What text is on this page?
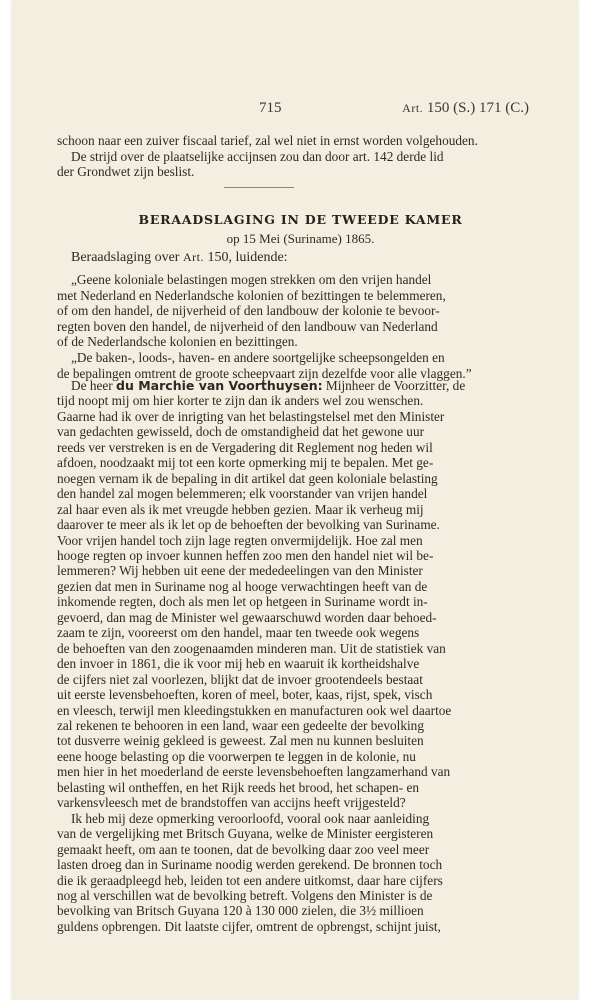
715	Art. 150 (S.) 171 (C.)
schoon naar een zuiver fiscaal tarief, zal wel niet in ernst worden volgehouden.
De strijd over de plaatselijke accijnsen zou dan door art. 142 derde lid
der Grondwet zijn beslist.
BERAADSLAGING IN DE TWEEDE KAMER
op 15 Mei (Suriname) 1865.
Beraadslaging over Art. 150, luidende:
„Geene koloniale belastingen mogen strekken om den vrijen handel
met Nederland en Nederlandsche kolonien of bezittingen te belemmeren,
of om den handel, de nijverheid of den landbouw der kolonie te bevoor-
regten boven den handel, de nijverheid of den landbouw van Nederland
of de Nederlandsche kolonien en bezittingen.
„De baken-, loods-, haven- en andere soortgelijke scheepsongelden en
de bepalingen omtrent de groote scheepvaart zijn dezelfde voor alle vlaggen.”
De heer du Marchie van Voorthuysen: Mijnheer de Voorzitter, de
tijd noopt mij om hier korter te zijn dan ik anders wel zou wenschen.
Gaarne had ik over de inrigting van het belastingstelsel met den Minister
van gedachten gewisseld, doch de omstandigheid dat het gewone uur
reeds ver verstreken is en de Vergadering dit Reglement nog heden wil
afdoen, noodzaakt mij tot een korte opmerking mij te bepalen. Met ge-
noegen vernam ik de bepaling in dit artikel dat geen koloniale belasting
den handel zal mogen belemmeren; elk voorstander van vrijen handel
zal haar even als ik met vreugde hebben gezien. Maar ik verheug mij
daarover te meer als ik let op de behoeften der bevolking van Suriname.
Voor vrijen handel toch zijn lage regten onvermijdelijk. Hoe zal men
hooge regten op invoer kunnen heffen zoo men den handel niet wil be-
lemmeren? Wij hebben uit eene der mededeelingen van den Minister
gezien dat men in Suriname nog al hooge verwachtingen heeft van de
inkomende regten, doch als men let op hetgeen in Suriname wordt in-
gevoerd, dan mag de Minister wel gewaarschuwd worden daar behoed-
zaam te zijn, vooreerst om den handel, maar ten tweede ook wegens
de behoeften van den zoogenaamden minderen man. Uit de statistiek van
den invoer in 1861, die ik voor mij heb en waaruit ik kortheidshalve
de cijfers niet zal voorlezen, blijkt dat de invoer grootendeels bestaat
uit eerste levensbehoeften, koren of meel, boter, kaas, rijst, spek, visch
en vleesch, terwijl men kleedingstukken en manufacturen ook wel daartoe
zal rekenen te behooren in een land, waar een gedeelte der bevolking
tot dusverre weinig gekleed is geweest. Zal men nu kunnen besluiten
eene hooge belasting op die voorwerpen te leggen in de kolonie, nu
men hier in het moederland de eerste levensbehoeften langzamerhand van
belasting wil ontheffen, en het Rijk reeds het brood, het schapen- en
varkensvleesch met de brandstoffen van accijns heeft vrijgesteld?
Ik heb mij deze opmerking veroorloofd, vooral ook naar aanleiding
van de vergelijking met Britsch Guyana, welke de Minister eergisteren
gemaakt heeft, om aan te toonen, dat de bevolking daar zoo veel meer
lasten droeg dan in Suriname noodig werden gerekend. De bronnen toch
die ik geraadpleegd heb, leiden tot een andere uitkomst, daar hare cijfers
nog al verschillen wat de bevolking betreft. Volgens den Minister is de
bevolking van Britsch Guyana 120 à 130 000 zielen, die 3½ millioen
guldens opbrengen. Dit laatste cijfer, omtrent de opbrengst, schijnt juist,
